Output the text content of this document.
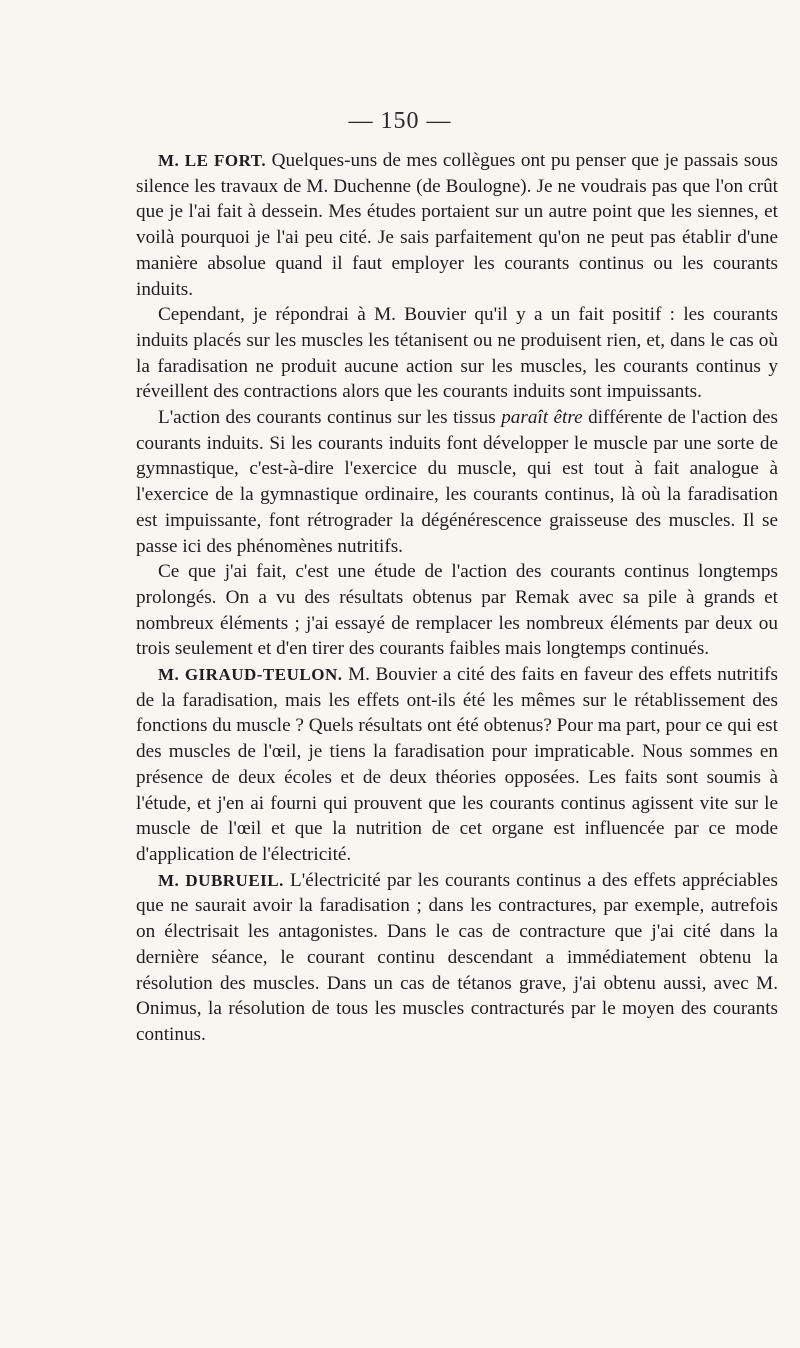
— 150 —

M. LE FORT. Quelques-uns de mes collègues ont pu penser que je passais sous silence les travaux de M. Duchenne (de Boulogne). Je ne voudrais pas que l'on crût que je l'ai fait à dessein. Mes études portaient sur un autre point que les siennes, et voilà pourquoi je l'ai peu cité. Je sais parfaitement qu'on ne peut pas établir d'une manière absolue quand il faut employer les courants continus ou les courants induits.

Cependant, je répondrai à M. Bouvier qu'il y a un fait positif : les courants induits placés sur les muscles les tétanisent ou ne produisent rien, et, dans le cas où la faradisation ne produit aucune action sur les muscles, les courants continus y réveillent des contractions alors que les courants induits sont impuissants.

L'action des courants continus sur les tissus paraît être différente de l'action des courants induits. Si les courants induits font développer le muscle par une sorte de gymnastique, c'est-à-dire l'exercice du muscle, qui est tout à fait analogue à l'exercice de la gymnastique ordinaire, les courants continus, là où la faradisation est impuissante, font rétrograder la dégénérescence graisseuse des muscles. Il se passe ici des phénomènes nutritifs.

Ce que j'ai fait, c'est une étude de l'action des courants continus longtemps prolongés. On a vu des résultats obtenus par Remak avec sa pile à grands et nombreux éléments ; j'ai essayé de remplacer les nombreux éléments par deux ou trois seulement et d'en tirer des courants faibles mais longtemps continués.

M. GIRAUD-TEULON. M. Bouvier a cité des faits en faveur des effets nutritifs de la faradisation, mais les effets ont-ils été les mêmes sur le rétablissement des fonctions du muscle ? Quels résultats ont été obtenus? Pour ma part, pour ce qui est des muscles de l'œil, je tiens la faradisation pour impraticable. Nous sommes en présence de deux écoles et de deux théories opposées. Les faits sont soumis à l'étude, et j'en ai fourni qui prouvent que les courants continus agissent vite sur le muscle de l'œil et que la nutrition de cet organe est influencée par ce mode d'application de l'électricité.

M. DUBRUEIL. L'électricité par les courants continus a des effets appréciables que ne saurait avoir la faradisation ; dans les contractures, par exemple, autrefois on électrisait les antagonistes. Dans le cas de contracture que j'ai cité dans la dernière séance, le courant continu descendant a immédiatement obtenu la résolution des muscles. Dans un cas de tétanos grave, j'ai obtenu aussi, avec M. Onimus, la résolution de tous les muscles contracturés par le moyen des courants continus.
